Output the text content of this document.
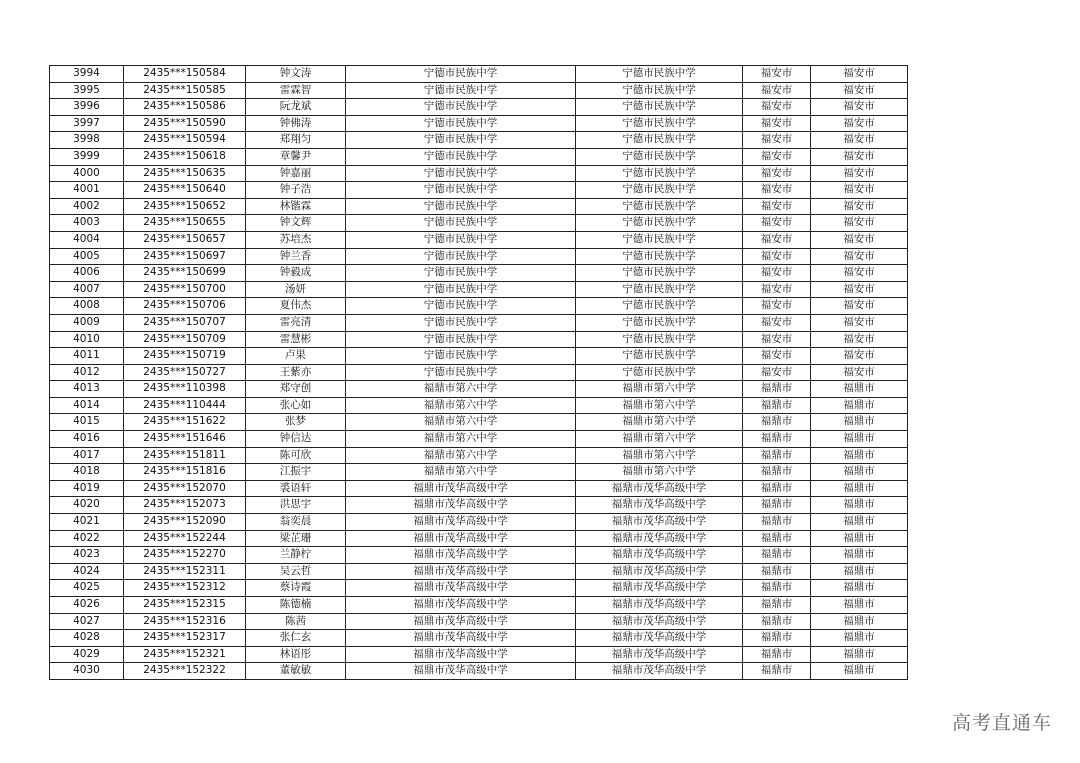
3994	2435***150584	钟文涛	宁德市民族中学	宁德市民族中学	福安市	福安市
3995	2435***150585	雷霖智	宁德市民族中学	宁德市民族中学	福安市	福安市
3996	2435***150586	阮龙斌	宁德市民族中学	宁德市民族中学	福安市	福安市
3997	2435***150590	钟佛涛	宁德市民族中学	宁德市民族中学	福安市	福安市
3998	2435***150594	郑翔匀	宁德市民族中学	宁德市民族中学	福安市	福安市
3999	2435***150618	章馨尹	宁德市民族中学	宁德市民族中学	福安市	福安市
4000	2435***150635	钟嘉丽	宁德市民族中学	宁德市民族中学	福安市	福安市
4001	2435***150640	钟子浩	宁德市民族中学	宁德市民族中学	福安市	福安市
4002	2435***150652	林锴霖	宁德市民族中学	宁德市民族中学	福安市	福安市
4003	2435***150655	钟文辉	宁德市民族中学	宁德市民族中学	福安市	福安市
4004	2435***150657	苏培杰	宁德市民族中学	宁德市民族中学	福安市	福安市
4005	2435***150697	钟兰香	宁德市民族中学	宁德市民族中学	福安市	福安市
4006	2435***150699	钟毅成	宁德市民族中学	宁德市民族中学	福安市	福安市
4007	2435***150700	汤妍	宁德市民族中学	宁德市民族中学	福安市	福安市
4008	2435***150706	夏伟杰	宁德市民族中学	宁德市民族中学	福安市	福安市
4009	2435***150707	雷亮清	宁德市民族中学	宁德市民族中学	福安市	福安市
4010	2435***150709	雷慧彬	宁德市民族中学	宁德市民族中学	福安市	福安市
4011	2435***150719	卢果	宁德市民族中学	宁德市民族中学	福安市	福安市
4012	2435***150727	王紫亦	宁德市民族中学	宁德市民族中学	福安市	福安市
4013	2435***110398	郑守创	福鼎市第六中学	福鼎市第六中学	福鼎市	福鼎市
4014	2435***110444	张心如	福鼎市第六中学	福鼎市第六中学	福鼎市	福鼎市
4015	2435***151622	张梦	福鼎市第六中学	福鼎市第六中学	福鼎市	福鼎市
4016	2435***151646	钟信达	福鼎市第六中学	福鼎市第六中学	福鼎市	福鼎市
4017	2435***151811	陈可欣	福鼎市第六中学	福鼎市第六中学	福鼎市	福鼎市
4018	2435***151816	江振宇	福鼎市第六中学	福鼎市第六中学	福鼎市	福鼎市
4019	2435***152070	裘语轩	福鼎市茂华高级中学	福鼎市茂华高级中学	福鼎市	福鼎市
4020	2435***152073	洪思宇	福鼎市茂华高级中学	福鼎市茂华高级中学	福鼎市	福鼎市
4021	2435***152090	翁奕晨	福鼎市茂华高级中学	福鼎市茂华高级中学	福鼎市	福鼎市
4022	2435***152244	梁芷珊	福鼎市茂华高级中学	福鼎市茂华高级中学	福鼎市	福鼎市
4023	2435***152270	兰静柠	福鼎市茂华高级中学	福鼎市茂华高级中学	福鼎市	福鼎市
4024	2435***152311	吴云哲	福鼎市茂华高级中学	福鼎市茂华高级中学	福鼎市	福鼎市
4025	2435***152312	蔡诗霞	福鼎市茂华高级中学	福鼎市茂华高级中学	福鼎市	福鼎市
4026	2435***152315	陈德楠	福鼎市茂华高级中学	福鼎市茂华高级中学	福鼎市	福鼎市
4027	2435***152316	陈茜	福鼎市茂华高级中学	福鼎市茂华高级中学	福鼎市	福鼎市
4028	2435***152317	张仁玄	福鼎市茂华高级中学	福鼎市茂华高级中学	福鼎市	福鼎市
4029	2435***152321	林语彤	福鼎市茂华高级中学	福鼎市茂华高级中学	福鼎市	福鼎市
4030	2435***152322	董敏敏	福鼎市茂华高级中学	福鼎市茂华高级中学	福鼎市	福鼎市
高考直通车
